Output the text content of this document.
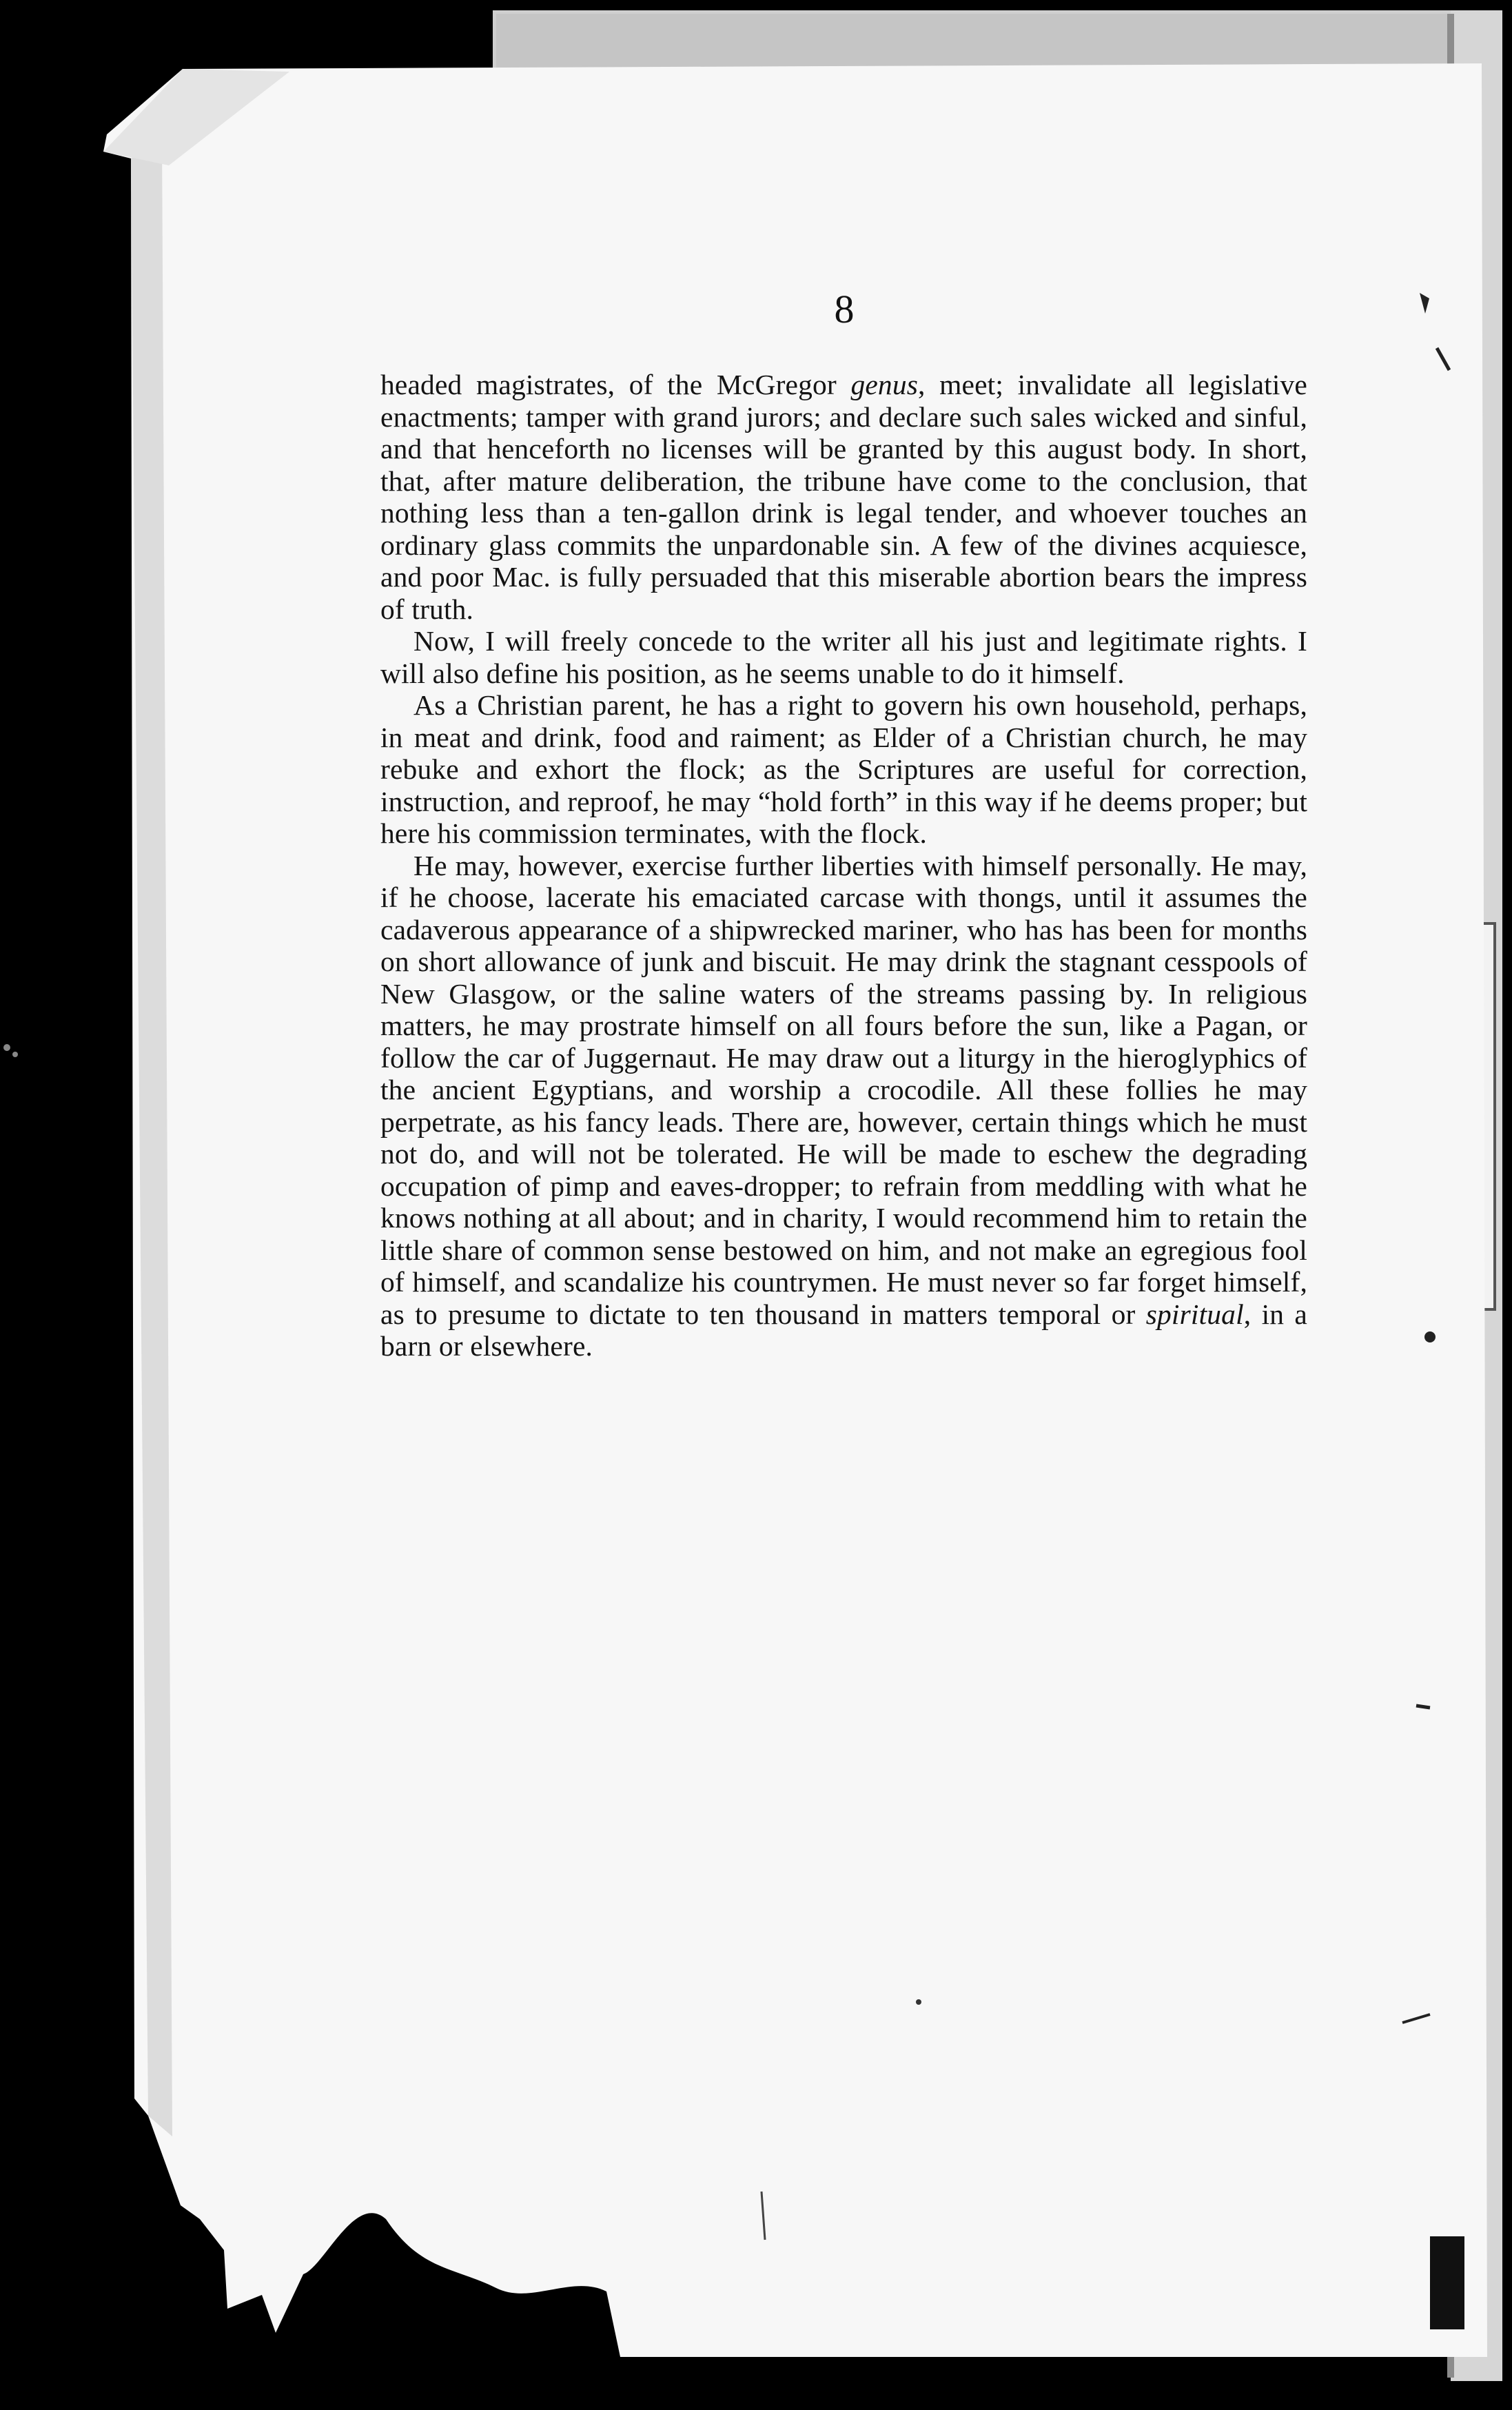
8

headed magistrates, of the McGregor genus, meet; invalidate all legislative enactments; tamper with grand jurors; and declare such sales wicked and sinful, and that henceforth no licenses will be granted by this august body. In short, that, after mature deliberation, the tribune have come to the conclusion, that nothing less than a ten-gallon drink is legal tender, and whoever touches an ordinary glass commits the unpardonable sin. A few of the divines acquiesce, and poor Mac. is fully persuaded that this miserable abortion bears the impress of truth.

Now, I will freely concede to the writer all his just and legitimate rights. I will also define his position, as he seems unable to do it himself.

As a Christian parent, he has a right to govern his own household, perhaps, in meat and drink, food and raiment; as Elder of a Christian church, he may rebuke and exhort the flock; as the Scriptures are useful for correction, instruction, and reproof, he may “hold forth” in this way if he deems proper; but here his commission terminates, with the flock.

He may, however, exercise further liberties with himself personally. He may, if he choose, lacerate his emaciated carcase with thongs, until it assumes the cadaverous appearance of a shipwrecked mariner, who has has been for months on short allowance of junk and biscuit. He may drink the stagnant cesspools of New Glasgow, or the saline waters of the streams passing by. In religious matters, he may prostrate himself on all fours before the sun, like a Pagan, or follow the car of Juggernaut. He may draw out a liturgy in the hieroglyphics of the ancient Egyptians, and worship a crocodile. All these follies he may perpetrate, as his fancy leads. There are, however, certain things which he must not do, and will not be tolerated. He will be made to eschew the degrading occupation of pimp and eaves-dropper; to refrain from meddling with what he knows nothing at all about; and in charity, I would recommend him to retain the little share of common sense bestowed on him, and not make an egregious fool of himself, and scandalize his countrymen. He must never so far forget himself, as to presume to dictate to ten thousand in matters temporal or spiritual, in a barn or elsewhere.
